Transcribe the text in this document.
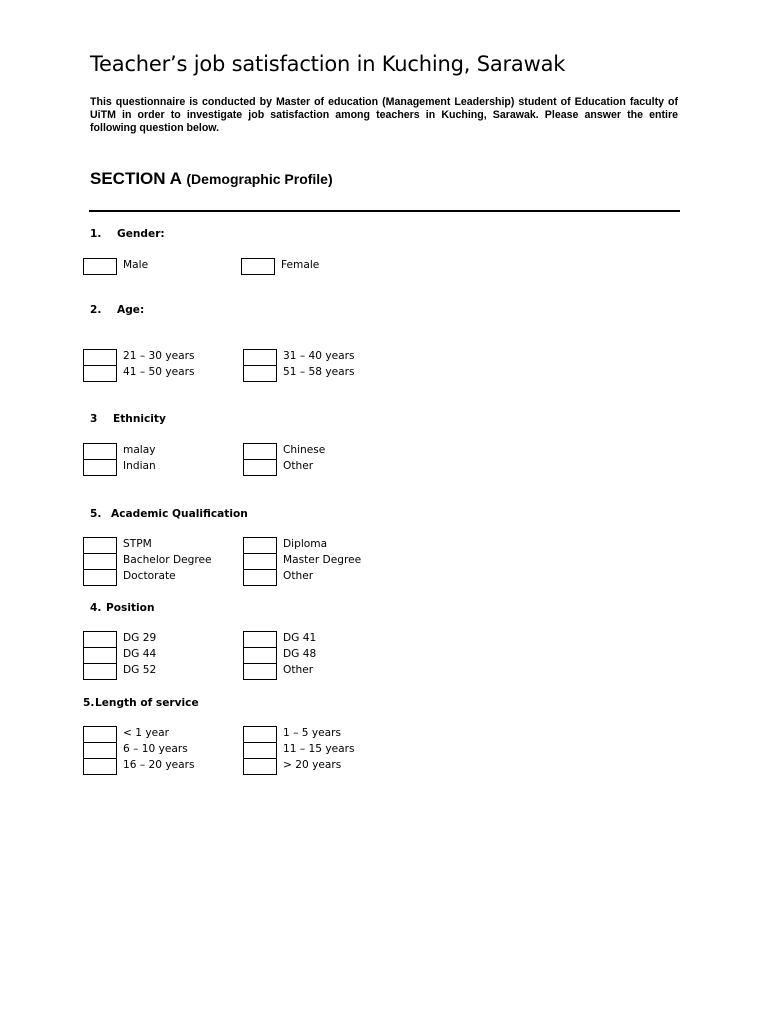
Teacher’s job satisfaction in Kuching, Sarawak
This questionnaire is conducted by Master of education (Management Leadership) student of Education faculty of UiTM in order to investigate job satisfaction among teachers in Kuching, Sarawak. Please answer the entire following question below.
SECTION A (Demographic Profile)
1. Gender:
Male	Female
2. Age:
21 – 30 years
41 – 50 years
31 – 40 years
51 – 58 years
3 Ethnicity
malay
Indian
Chinese
Other
5. Academic Qualification
STPM
Bachelor Degree
Doctorate
Diploma
Master Degree
Other
4. Position
DG 29
DG 44
DG 52
DG 41
DG 48
Other
5.Length of service
< 1 year
6 – 10 years
16 – 20 years
1 – 5 years
11 – 15 years
> 20 years
